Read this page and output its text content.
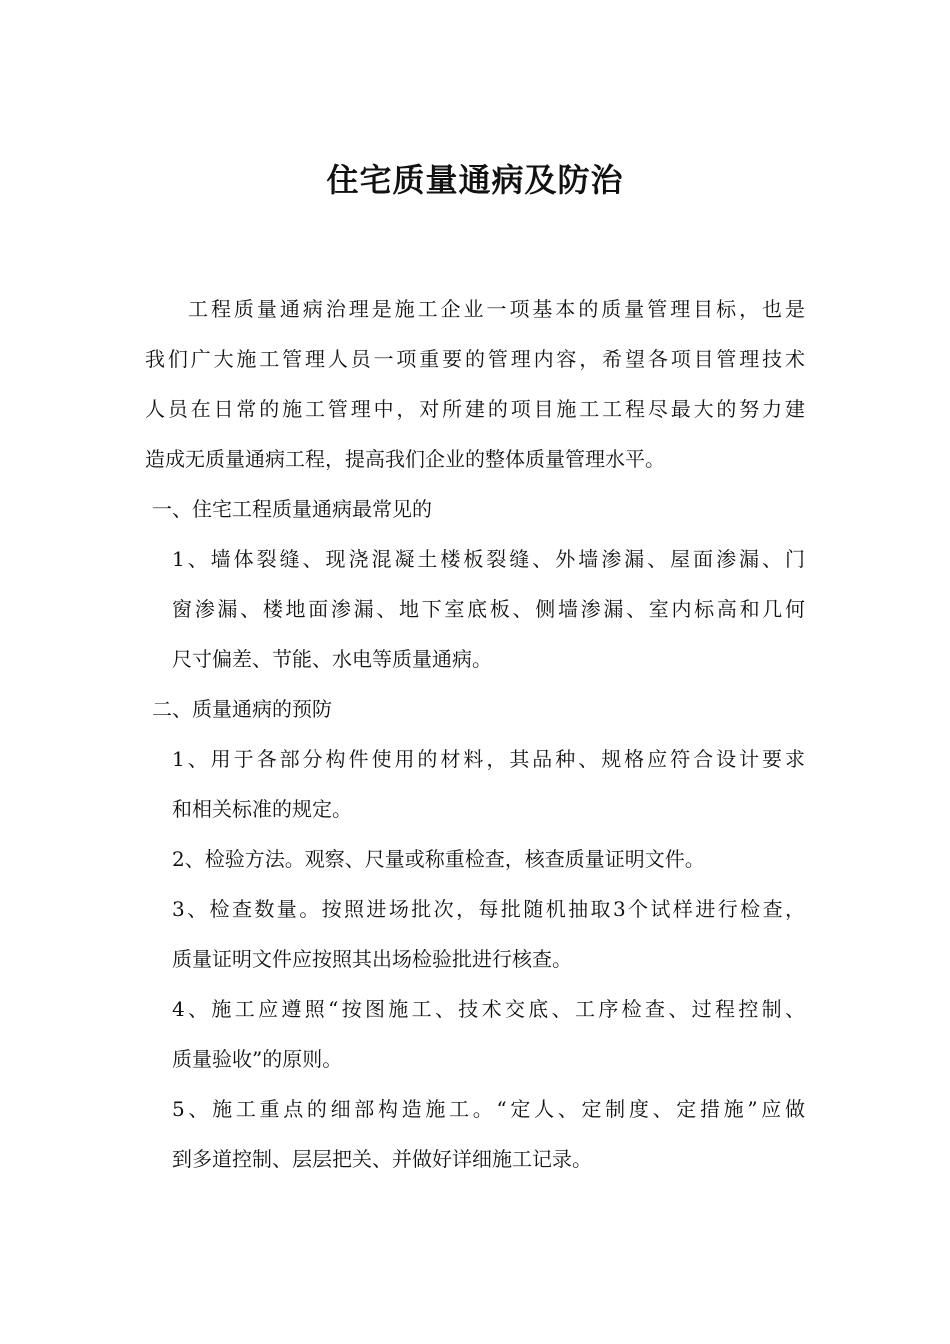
住宅质量通病及防治

工程质量通病治理是施工企业一项基本的质量管理目标，也是

我们广大施工管理人员一项重要的管理内容，希望各项目管理技术

人员在日常的施工管理中，对所建的项目施工工程尽最大的努力建

造成无质量通病工程，提高我们企业的整体质量管理水平。

一、住宅工程质量通病最常见的

1、墙体裂缝、现浇混凝土楼板裂缝、外墙渗漏、屋面渗漏、门

窗渗漏、楼地面渗漏、地下室底板、侧墙渗漏、室内标高和几何

尺寸偏差、节能、水电等质量通病。

二、质量通病的预防

1、用于各部分构件使用的材料，其品种、规格应符合设计要求

和相关标准的规定。

2、检验方法。观察、尺量或称重检查，核查质量证明文件。

3、检查数量。按照进场批次，每批随机抽取3个试样进行检查，

质量证明文件应按照其出场检验批进行核查。

4、施工应遵照“按图施工、技术交底、工序检查、过程控制、

质量验收”的原则。

5、施工重点的细部构造施工。“定人、定制度、定措施”应做

到多道控制、层层把关、并做好详细施工记录。
